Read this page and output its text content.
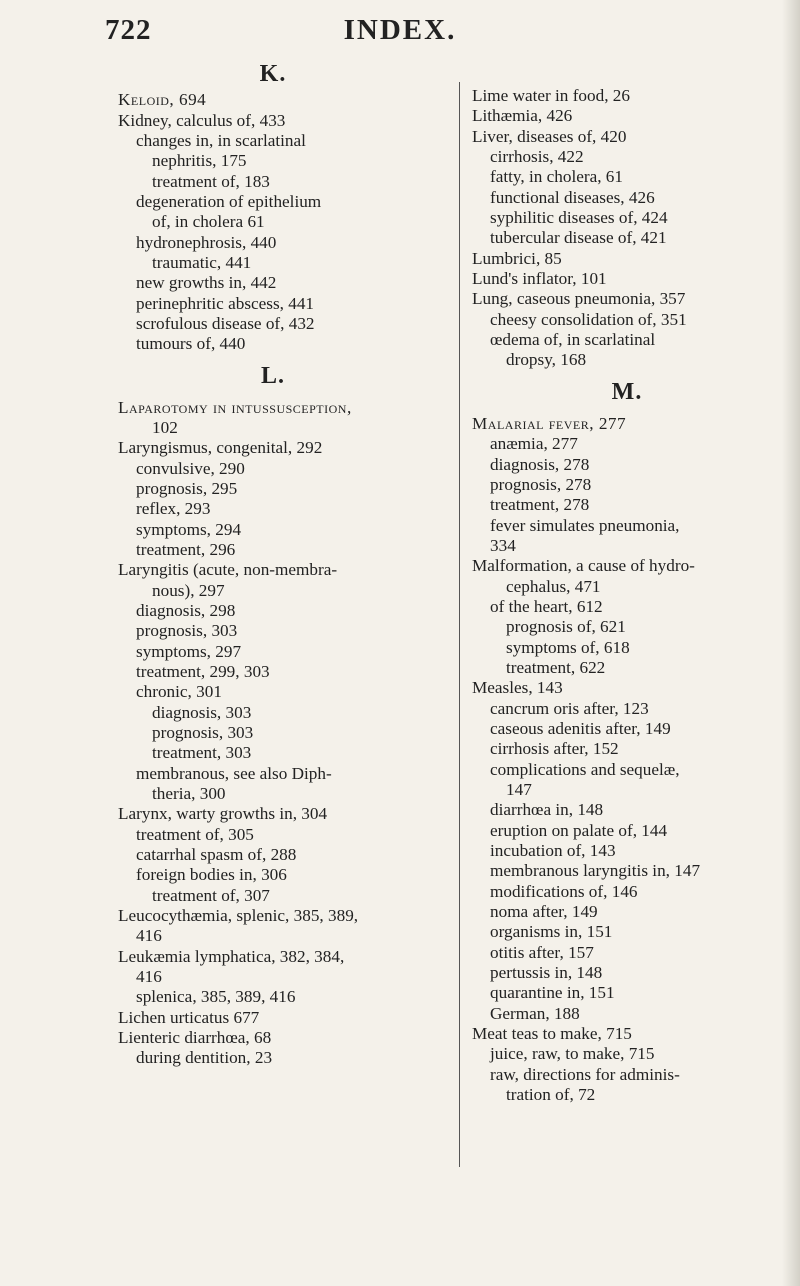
722	INDEX.
K.
Keloid, 694
Kidney, calculus of, 433
changes in, in scarlatinal
nephritis, 175
treatment of, 183
degeneration of epithelium
of, in cholera 61
hydronephrosis, 440
traumatic, 441
new growths in, 442
perinephritic abscess, 441
scrofulous disease of, 432
tumours of, 440
L.
Laparotomy in intussusception,
102
Laryngismus, congenital, 292
convulsive, 290
prognosis, 295
reflex, 293
symptoms, 294
treatment, 296
Laryngitis (acute, non-membra-
nous), 297
diagnosis, 298
prognosis, 303
symptoms, 297
treatment, 299, 303
chronic, 301
diagnosis, 303
prognosis, 303
treatment, 303
membranous, see also Diph-
theria, 300
Larynx, warty growths in, 304
treatment of, 305
catarrhal spasm of, 288
foreign bodies in, 306
treatment of, 307
Leucocythæmia, splenic, 385, 389,
416
Leukæmia lymphatica, 382, 384,
416
splenica, 385, 389, 416
Lichen urticatus 677
Lienteric diarrhœa, 68
during dentition, 23
Lime water in food, 26
Lithæmia, 426
Liver, diseases of, 420
cirrhosis, 422
fatty, in cholera, 61
functional diseases, 426
syphilitic diseases of, 424
tubercular disease of, 421
Lumbrici, 85
Lund's inflator, 101
Lung, caseous pneumonia, 357
cheesy consolidation of, 351
œdema of, in scarlatinal
dropsy, 168
M.
Malarial fever, 277
anæmia, 277
diagnosis, 278
prognosis, 278
treatment, 278
fever simulates pneumonia,
334
Malformation, a cause of hydro-
cephalus, 471
of the heart, 612
prognosis of, 621
symptoms of, 618
treatment, 622
Measles, 143
cancrum oris after, 123
caseous adenitis after, 149
cirrhosis after, 152
complications and sequelæ,
147
diarrhœa in, 148
eruption on palate of, 144
incubation of, 143
membranous laryngitis in, 147
modifications of, 146
noma after, 149
organisms in, 151
otitis after, 157
pertussis in, 148
quarantine in, 151
German, 188
Meat teas to make, 715
juice, raw, to make, 715
raw, directions for adminis-
tration of, 72
